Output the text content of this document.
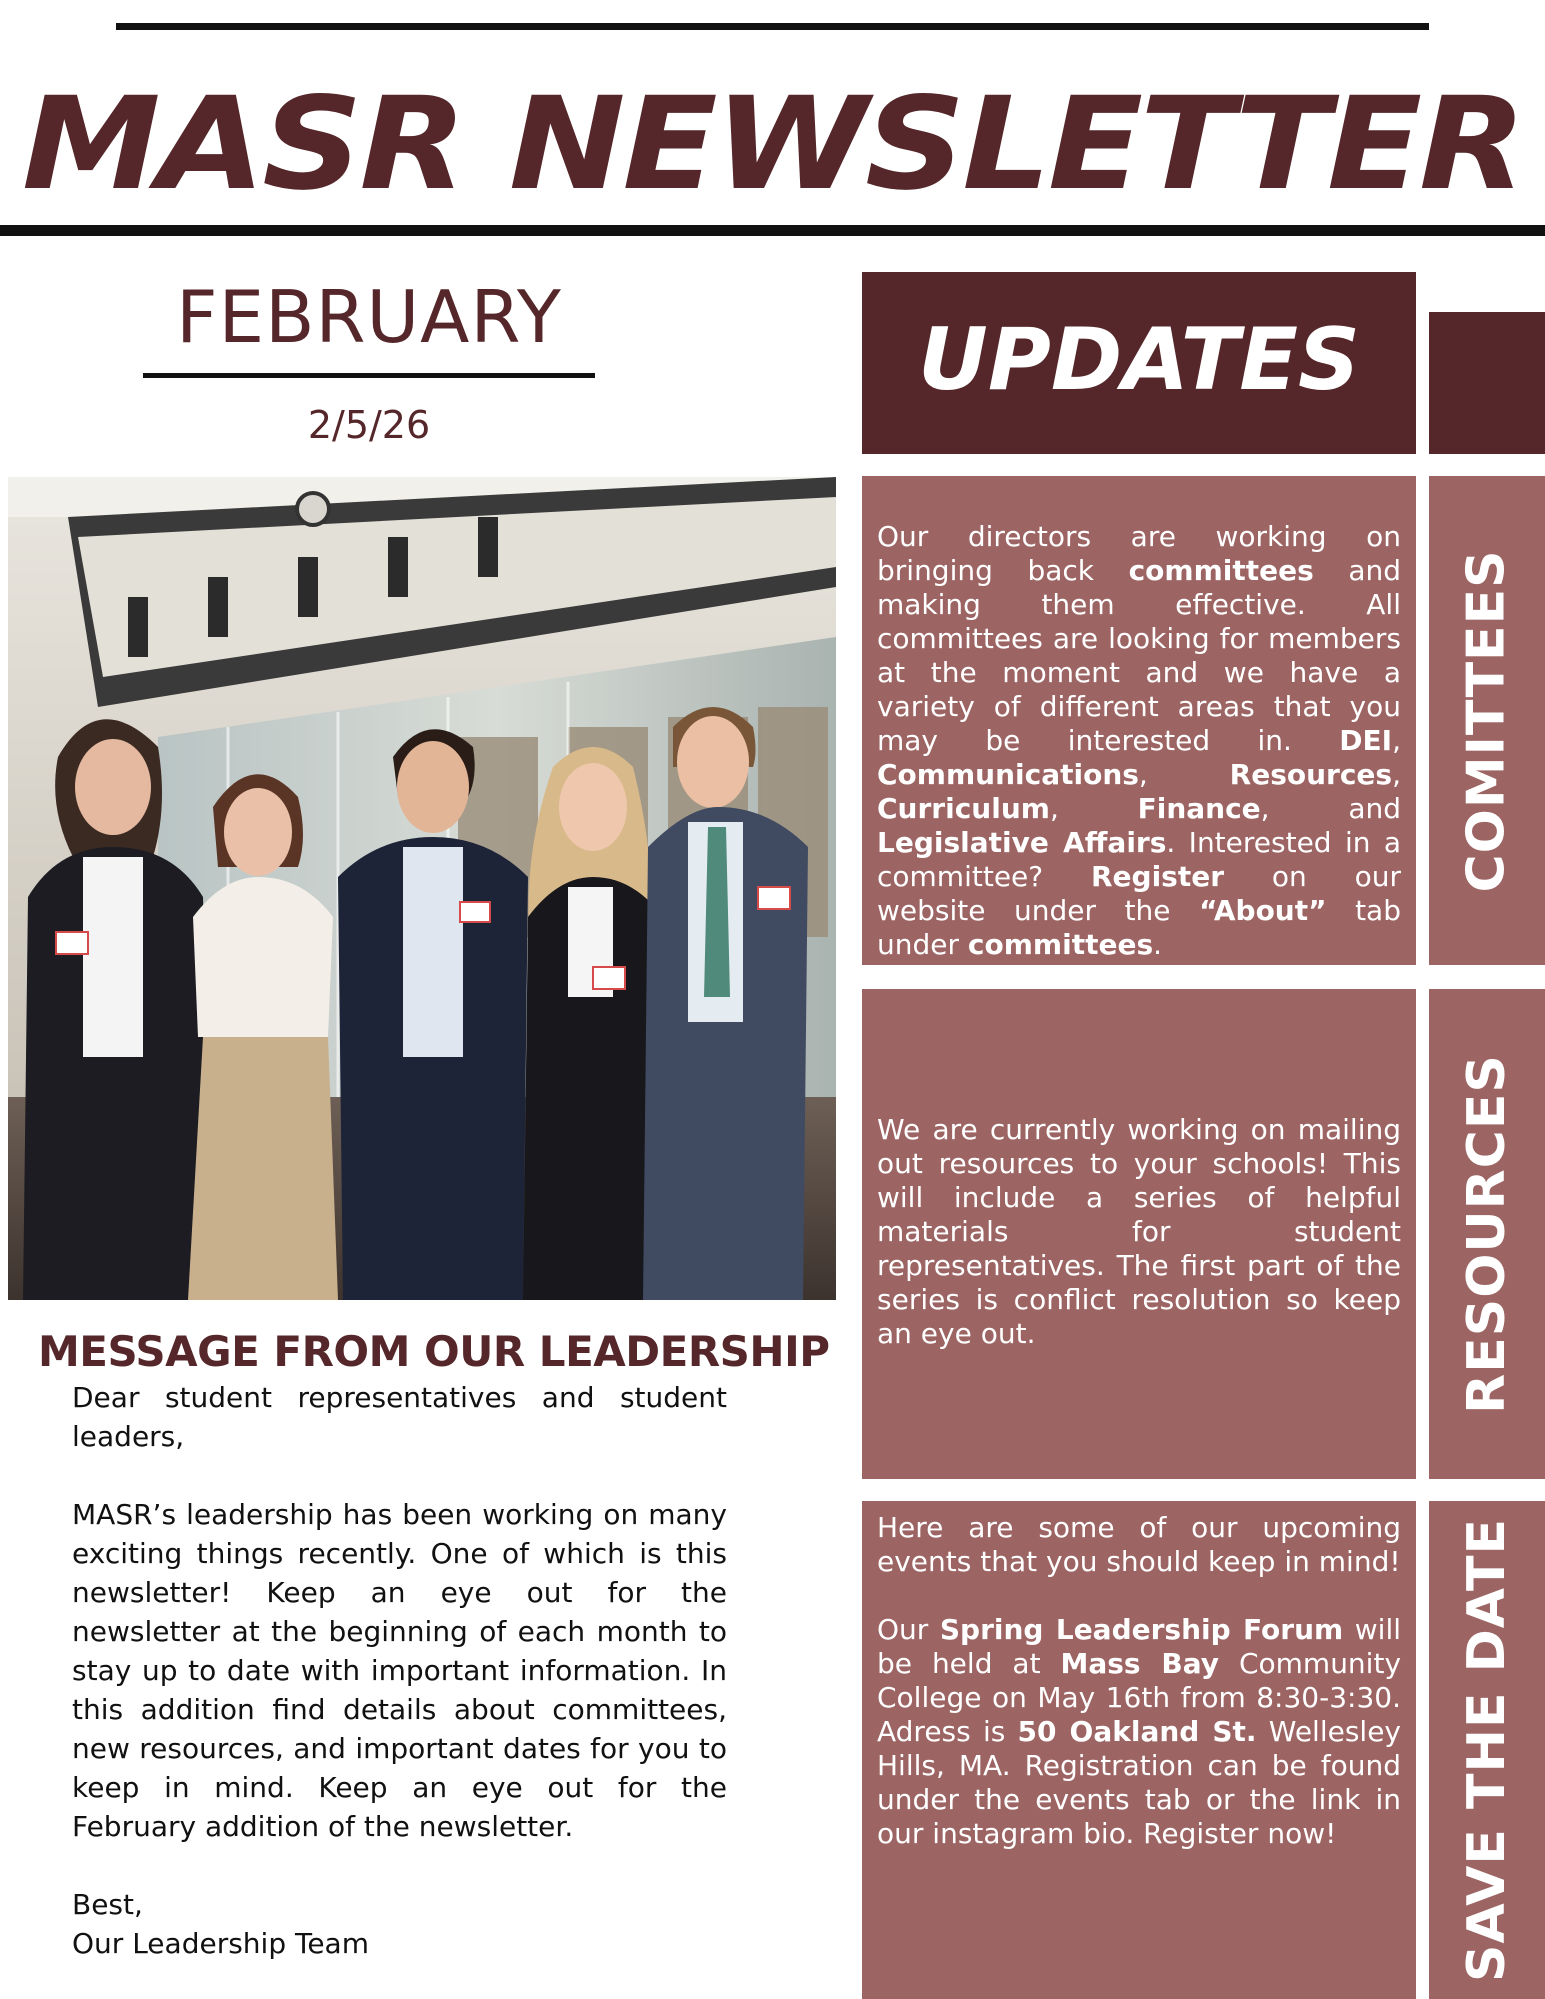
MASR NEWSLETTER
FEBRUARY
2/5/26
MESSAGE FROM OUR LEADERSHIP

Dear student representatives and student leaders,

MASR’s leadership has been working on many exciting things recently. One of which is this newsletter! Keep an eye out for the newsletter at the beginning of each month to stay up to date with important information. In this addition find details about committees, new resources, and important dates for you to keep in mind. Keep an eye out for the February addition of the newsletter.

Best,
Our Leadership Team

UPDATES
Our directors are working on bringing back committees and making them effective. All committees are looking for members at the moment and we have a variety of different areas that you may be interested in. DEI, Communications, Resources, Curriculum, Finance, and Legislative Affairs. Interested in a committee? Register on our website under the “About” tab under committees.
COMITTEES
We are currently working on mailing out resources to your schools! This will include a series of helpful materials for student representatives. The first part of the series is conflict resolution so keep an eye out.	RESOURCES

Here are some of our upcoming events that you should keep in mind!

Our Spring Leadership Forum will be held at Mass Bay Community College on May 16th from 8:30-3:30. Adress is 50 Oakland St. Wellesley Hills, MA. Registration can be found under the events tab or the link in our instagram bio. Register now!	SAVE THE DATE
